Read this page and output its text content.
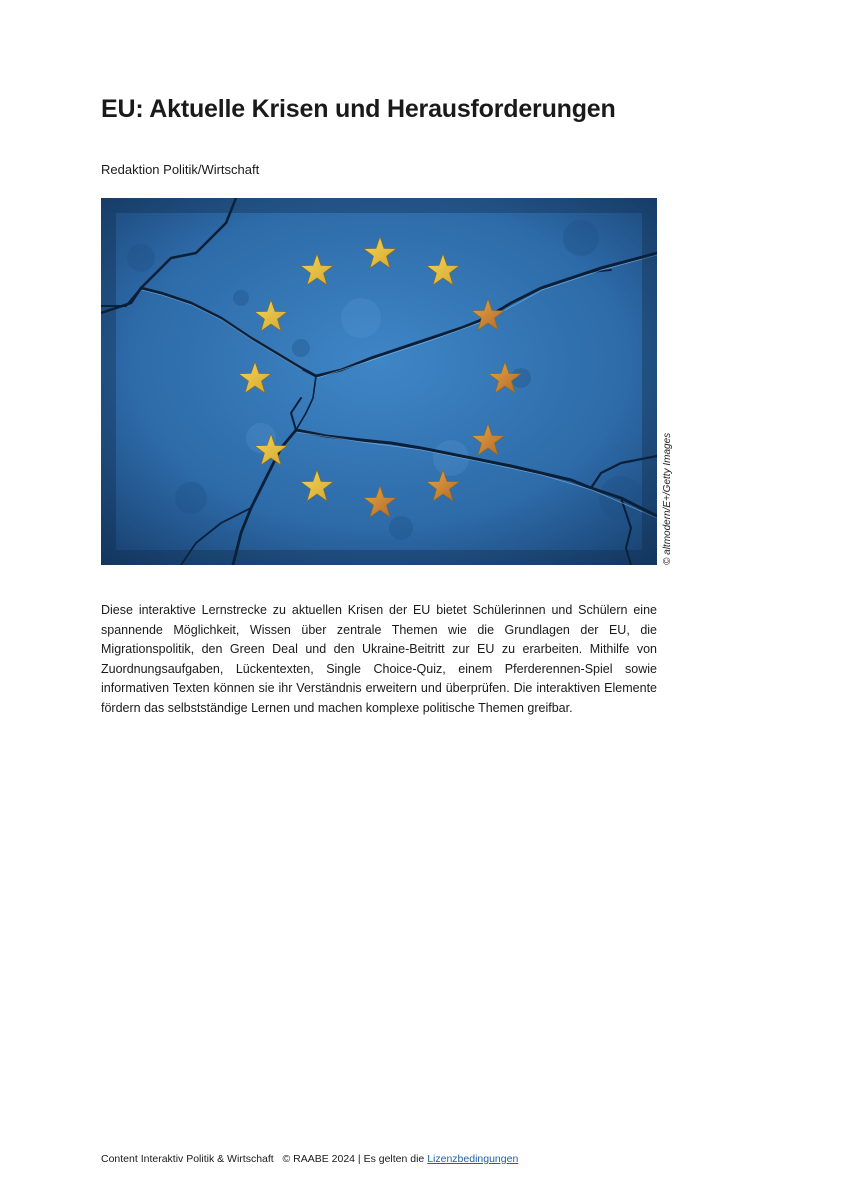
EU: Aktuelle Krisen und Herausforderungen
Redaktion Politik/Wirtschaft
© altmodern/E+/Getty Images

Diese interaktive Lernstrecke zu aktuellen Krisen der EU bietet Schülerinnen und Schülern eine spannende Möglichkeit, Wissen über zentrale Themen wie die Grundlagen der EU, die Migrationspolitik, den Green Deal und den Ukraine-Beitritt zur EU zu erarbeiten. Mithilfe von Zuordnungsaufgaben, Lückentexten, Single Choice-Quiz, einem Pferderennen-Spiel sowie informativen Texten können sie ihr Verständnis erweitern und überprüfen. Die interaktiven Elemente fördern das selbstständige Lernen und machen komplexe politische Themen greifbar.

Content Interaktiv Politik & Wirtschaft   © RAABE 2024 | Es gelten die Lizenzbedingungen
